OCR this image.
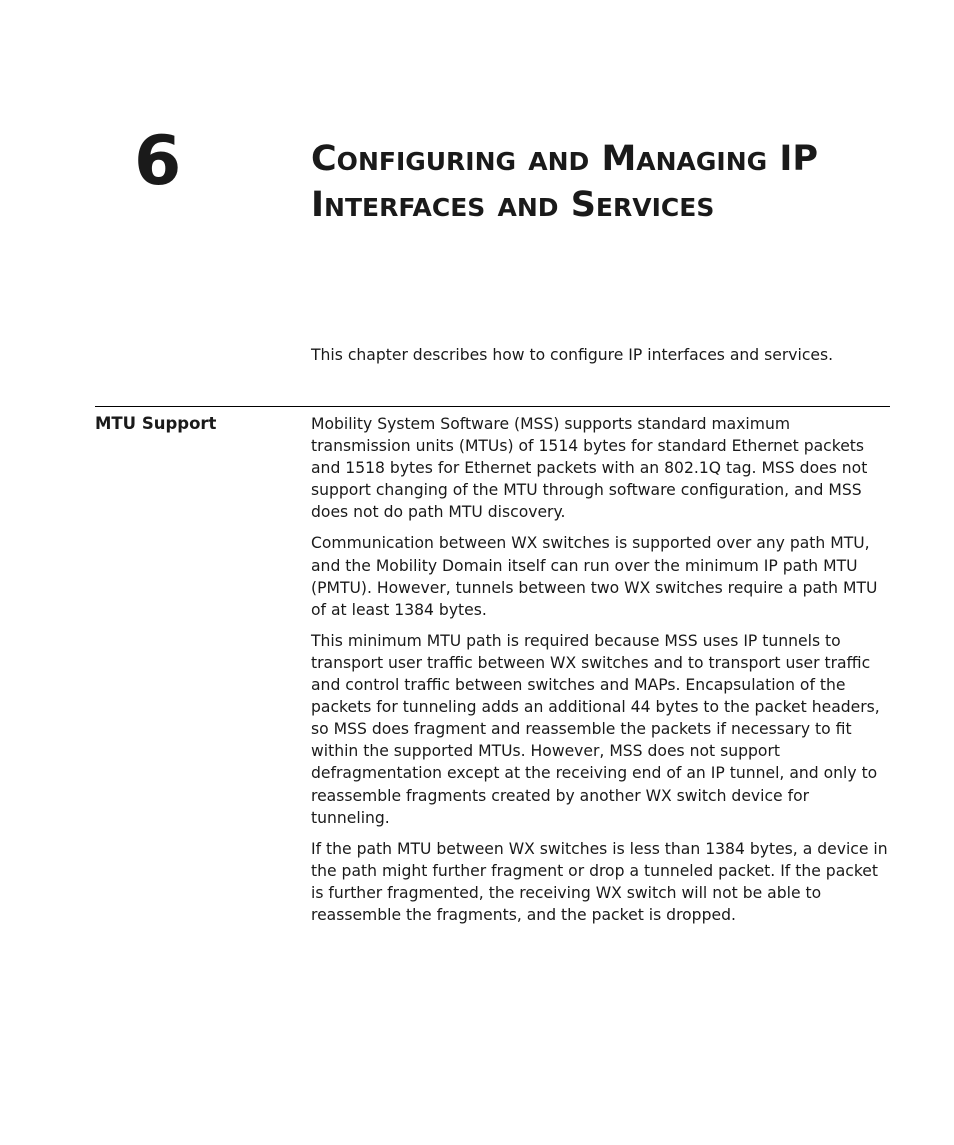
6	Configuring and Managing IP
Interfaces and Services

This chapter describes how to configure IP interfaces and services.

MTU Support	Mobility System Software (MSS) supports standard maximum transmission units (MTUs) of 1514 bytes for standard Ethernet packets and 1518 bytes for Ethernet packets with an 802.1Q tag. MSS does not support changing of the MTU through software configuration, and MSS does not do path MTU discovery.

Communication between WX switches is supported over any path MTU, and the Mobility Domain itself can run over the minimum IP path MTU (PMTU). However, tunnels between two WX switches require a path MTU of at least 1384 bytes.

This minimum MTU path is required because MSS uses IP tunnels to transport user traffic between WX switches and to transport user traffic and control traffic between switches and MAPs. Encapsulation of the packets for tunneling adds an additional 44 bytes to the packet headers, so MSS does fragment and reassemble the packets if necessary to fit within the supported MTUs. However, MSS does not support defragmentation except at the receiving end of an IP tunnel, and only to reassemble fragments created by another WX switch device for tunneling.

If the path MTU between WX switches is less than 1384 bytes, a device in the path might further fragment or drop a tunneled packet. If the packet is further fragmented, the receiving WX switch will not be able to reassemble the fragments, and the packet is dropped.
